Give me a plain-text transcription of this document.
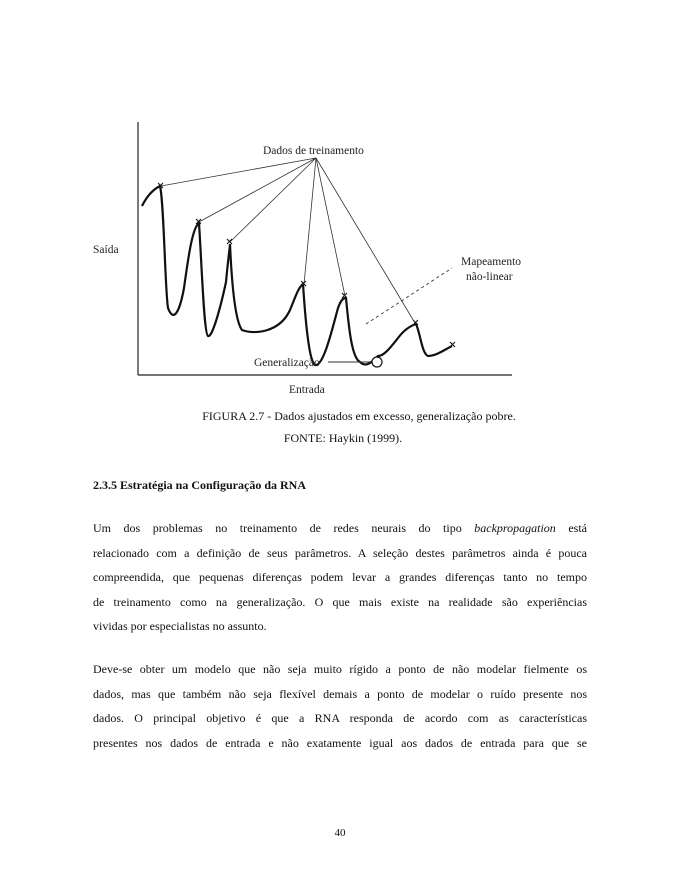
Dados de treinamento
Saída
Mapeamento
não-linear
Generalização
Entrada
FIGURA 2.7 - Dados ajustados em excesso, generalização pobre.
FONTE: Haykin (1999).
2.3.5 Estratégia na Configuração da RNA
Um dos problemas no treinamento de redes neurais do tipo backpropagation está
relacionado com a definição de seus parâmetros. A seleção destes parâmetros ainda é pouca
compreendida, que pequenas diferenças podem levar a grandes diferenças tanto no tempo
de treinamento como na generalização. O que mais existe na realidade são experiências
vividas por especialistas no assunto.
Deve-se obter um modelo que não seja muito rígido a ponto de não modelar fielmente os
dados, mas que também não seja flexível demais a ponto de modelar o ruído presente nos
dados. O principal objetivo é que a RNA responda de acordo com as características
presentes nos dados de entrada e não exatamente igual aos dados de entrada para que se
40
